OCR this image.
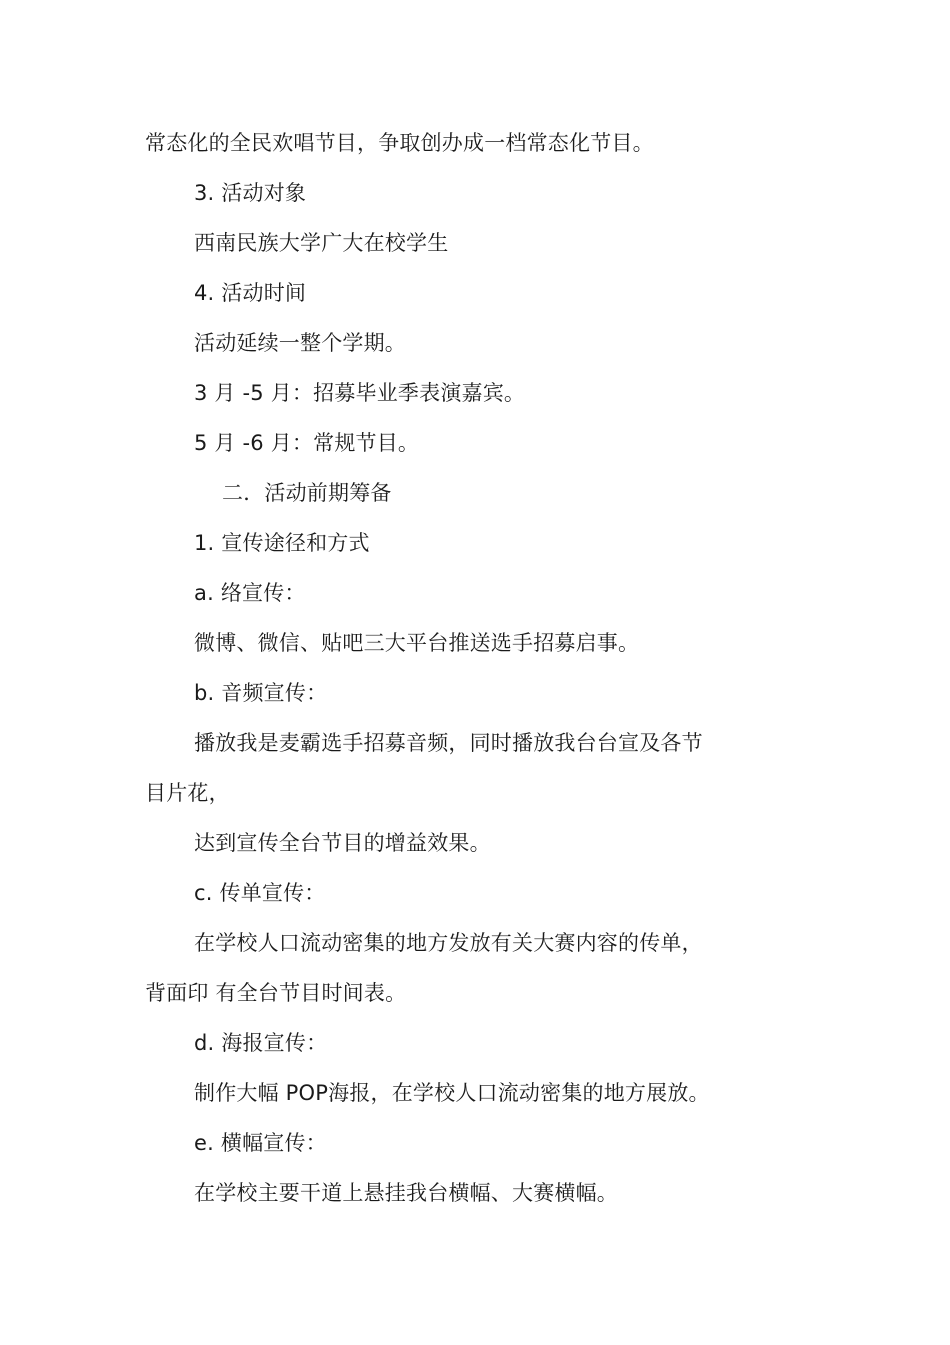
常态化的全民欢唱节目，争取创办成一档常态化节目。
3. 活动对象
西南民族大学广大在校学生
4. 活动时间
活动延续一整个学期。
3 月 -5 月：招募毕业季表演嘉宾。
5 月 -6 月：常规节目。
二．活动前期筹备
1. 宣传途径和方式
a. 络宣传：
微博、微信、贴吧三大平台推送选手招募启事。
b. 音频宣传：
播放我是麦霸选手招募音频，同时播放我台台宣及各节
目片花，
达到宣传全台节目的增益效果。
c. 传单宣传：
在学校人口流动密集的地方发放有关大赛内容的传单，
背面印 有全台节目时间表。
d. 海报宣传：
制作大幅 POP海报，在学校人口流动密集的地方展放。
e. 横幅宣传：
在学校主要干道上悬挂我台横幅、大赛横幅。
